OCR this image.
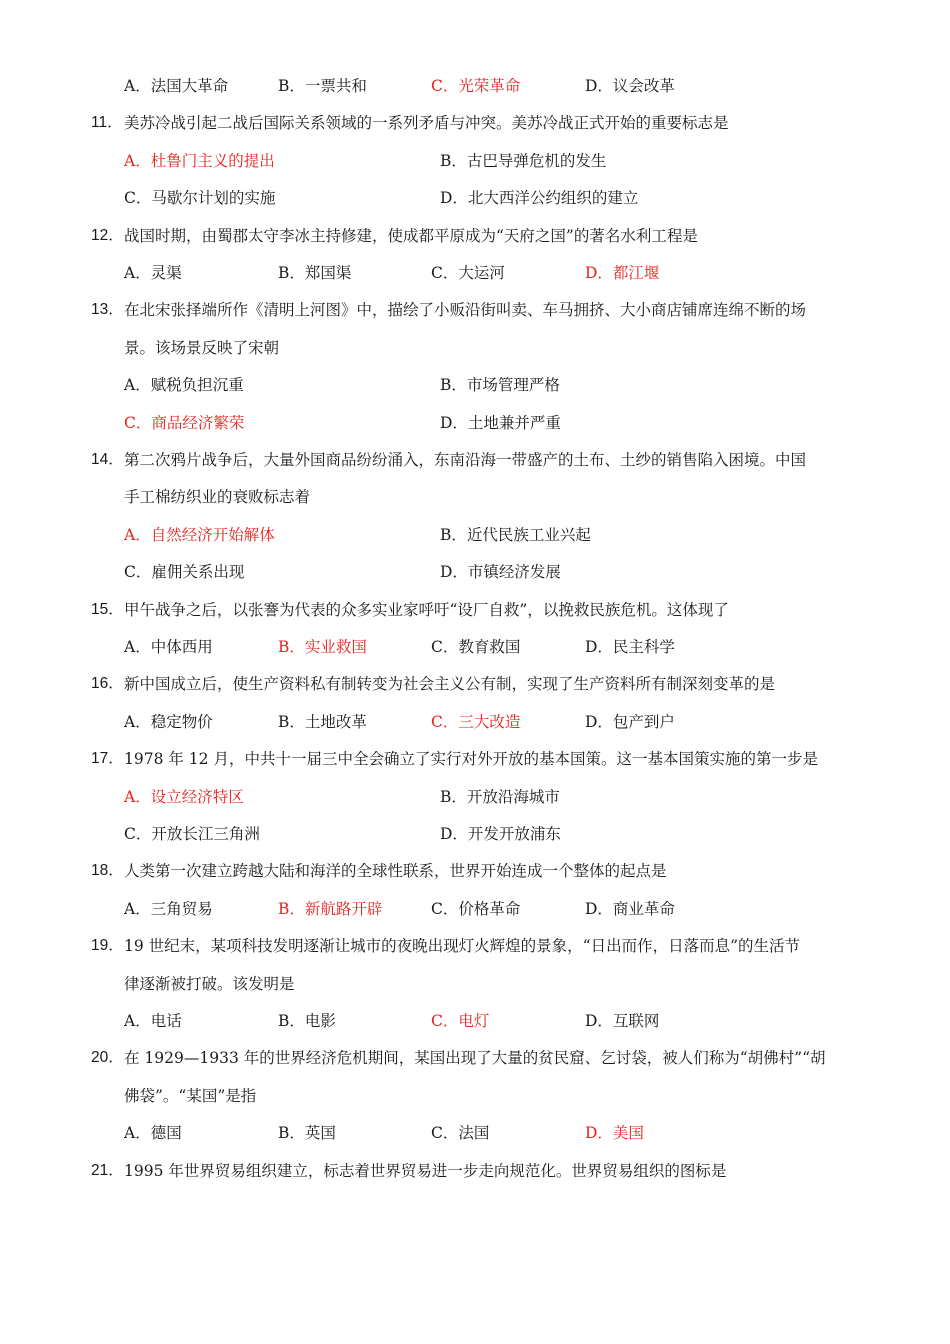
A．法国大革命	B．一票共和	C．光荣革命	D．议会改革
11． 美苏冷战引起二战后国际关系领域的一系列矛盾与冲突。美苏冷战正式开始的重要标志是
A．杜鲁门主义的提出	B．古巴导弹危机的发生
C．马歇尔计划的实施	D．北大西洋公约组织的建立
12． 战国时期，由蜀郡太守李冰主持修建，使成都平原成为“天府之国”的著名水利工程是
A．灵渠	B．郑国渠	C．大运河	D．都江堰
13． 在北宋张择端所作《清明上河图》中，描绘了小贩沿街叫卖、车马拥挤、大小商店铺席连绵不断的场
景。该场景反映了宋朝
A．赋税负担沉重	B．市场管理严格
C．商品经济繁荣	D．土地兼并严重
14． 第二次鸦片战争后，大量外国商品纷纷涌入，东南沿海一带盛产的土布、土纱的销售陷入困境。中国
手工棉纺织业的衰败标志着
A．自然经济开始解体	B．近代民族工业兴起
C．雇佣关系出现	D．市镇经济发展
15． 甲午战争之后，以张謇为代表的众多实业家呼吁“设厂自救”，以挽救民族危机。这体现了
A．中体西用	B．实业救国	C．教育救国	D．民主科学
16． 新中国成立后，使生产资料私有制转变为社会主义公有制，实现了生产资料所有制深刻变革的是
A．稳定物价	B．土地改革	C．三大改造	D．包产到户
17． 1978 年 12 月，中共十一届三中全会确立了实行对外开放的基本国策。这一基本国策实施的第一步是
A．设立经济特区	B．开放沿海城市
C．开放长江三角洲	D．开发开放浦东
18． 人类第一次建立跨越大陆和海洋的全球性联系，世界开始连成一个整体的起点是
A．三角贸易	B．新航路开辟	C．价格革命	D．商业革命
19． 19 世纪末，某项科技发明逐渐让城市的夜晚出现灯火辉煌的景象，“日出而作，日落而息”的生活节
律逐渐被打破。该发明是
A．电话	B．电影	C．电灯	D．互联网
20． 在 1929—1933 年的世界经济危机期间，某国出现了大量的贫民窟、乞讨袋，被人们称为“胡佛村”“胡
佛袋”。“某国”是指
A．德国	B．英国	C．法国	D．美国
21． 1995 年世界贸易组织建立，标志着世界贸易进一步走向规范化。世界贸易组织的图标是
